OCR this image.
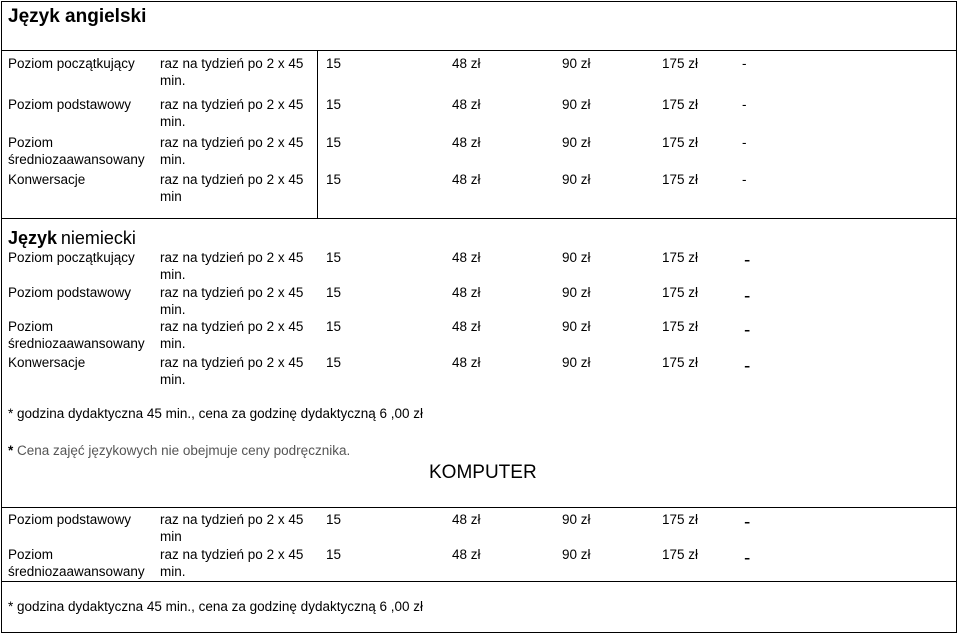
Język angielski
Poziom początkujący raz na tydzień po 2 x 45
min.
15	48 zł	90 zł	175 zł	-
Poziom podstawowy raz na tydzień po 2 x 45
min.
15	48 zł	90 zł	175 zł	-
Poziom
średniozaawansowany
raz na tydzień po 2 x 45
min.
15	48 zł	90 zł	175 zł	-
Konwersacje	raz na tydzień po 2 x 45
min
15	48 zł	90 zł	175 zł	-
Język niemiecki
Poziom początkujący raz na tydzień po 2 x 45
min.
15	48 zł	90 zł	175 zł -
Poziom podstawowy raz na tydzień po 2 x 45
min.
15	48 zł	90 zł	175 zł -
Poziom
średniozaawansowany
raz na tydzień po 2 x 45
min.
15	48 zł	90 zł	175 zł -
Konwersacje	raz na tydzień po 2 x 45
min.
15	48 zł	90 zł	175 zł -
* godzina dydaktyczna 45 min., cena za godzinę dydaktyczną 6 ,00 zł
* Cena zajęć językowych nie obejmuje ceny podręcznika.
KOMPUTER
Poziom podstawowy raz na tydzień po 2 x 45
min
15	48 zł	90 zł	175 zł -
Poziom
średniozaawansowany
raz na tydzień po 2 x 45
min.
15	48 zł	90 zł	175 zł -
* godzina dydaktyczna 45 min., cena za godzinę dydaktyczną 6 ,00 zł
